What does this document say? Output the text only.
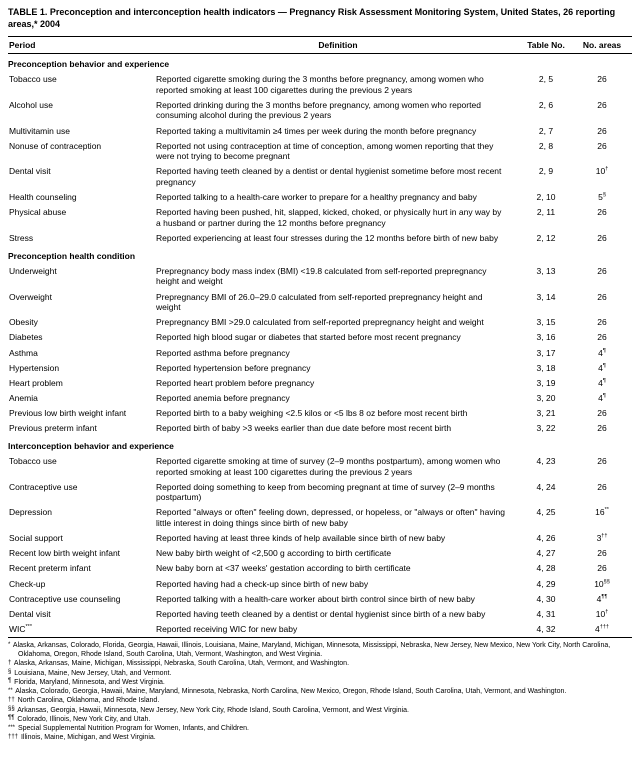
TABLE 1. Preconception and interconception health indicators — Pregnancy Risk Assessment Monitoring System, United States, 26 reporting areas,* 2004
Period	Definition	Table No.	No. areas
Preconception behavior and experience			
Tobacco use	Reported cigarette smoking during the 3 months before pregnancy, among women who reported smoking at least 100 cigarettes during the previous 2 years	2, 5	26
Alcohol use	Reported drinking during the 3 months before pregnancy, among women who reported consuming alcohol during the previous 2 years	2, 6	26
Multivitamin use	Reported taking a multivitamin ≥4 times per week during the month before pregnancy	2, 7	26
Nonuse of contraception	Reported not using contraception at time of conception, among women reporting that they were not trying to become pregnant	2, 8	26
Dental visit	Reported having teeth cleaned by a dentist or dental hygienist sometime before most recent pregnancy	2, 9	10†
Health counseling	Reported talking to a health-care worker to prepare for a healthy pregnancy and baby	2, 10	5§
Physical abuse	Reported having been pushed, hit, slapped, kicked, choked, or physically hurt in any way by a husband or partner during the 12 months before pregnancy	2, 11	26
Stress	Reported experiencing at least four stresses during the 12 months before birth of new baby	2, 12	26
Preconception health condition			
Underweight	Prepregnancy body mass index (BMI) <19.8 calculated from self-reported prepregnancy height and weight	3, 13	26
Overweight	Prepregnancy BMI of 26.0–29.0 calculated from self-reported prepregnancy height and weight	3, 14	26
Obesity	Prepregnancy BMI >29.0 calculated from self-reported prepregnancy height and weight	3, 15	26
Diabetes	Reported high blood sugar or diabetes that started before most recent pregnancy	3, 16	26
Asthma	Reported asthma before pregnancy	3, 17	4¶
Hypertension	Reported hypertension before pregnancy	3, 18	4¶
Heart problem	Reported heart problem before pregnancy	3, 19	4¶
Anemia	Reported anemia before pregnancy	3, 20	4¶
Previous low birth weight infant	Reported birth to a baby weighing <2.5 kilos or <5 lbs 8 oz before most recent birth	3, 21	26
Previous preterm infant	Reported birth of baby >3 weeks earlier than due date before most recent birth	3, 22	26
Interconception behavior and experience			
Tobacco use	Reported cigarette smoking at time of survey (2–9 months postpartum), among women who reported smoking at least 100 cigarettes during the previous 2 years	4, 23	26
Contraceptive use	Reported doing something to keep from becoming pregnant at time of survey (2–9 months postpartum)	4, 24	26
Depression	Reported "always or often" feeling down, depressed, or hopeless, or "always or often" having little interest in doing things since birth of new baby	4, 25	16**
Social support	Reported having at least three kinds of help available since birth of new baby	4, 26	3††
Recent low birth weight infant	New baby birth weight of <2,500 g according to birth certificate	4, 27	26
Recent preterm infant	New baby born at <37 weeks' gestation according to birth certificate	4, 28	26
Check-up	Reported having had a check-up since birth of new baby	4, 29	10§§
Contraceptive use counseling	Reported talking with a health-care worker about birth control since birth of new baby	4, 30	4¶¶
Dental visit	Reported having teeth cleaned by a dentist or dental hygienist since birth of a new baby	4, 31	10†
WIC***	Reported receiving WIC for new baby	4, 32	4†††
* Alaska, Arkansas, Colorado, Florida, Georgia, Hawaii, Illinois, Louisiana, Maine, Maryland, Michigan, Minnesota, Mississippi, Nebraska, New Jersey, New Mexico, New York City, North Carolina, Oklahoma, Oregon, Rhode Island, South Carolina, Utah, Vermont, Washington, and West Virginia.
† Alaska, Arkansas, Maine, Michigan, Mississippi, Nebraska, South Carolina, Utah, Vermont, and Washington.
§ Louisiana, Maine, New Jersey, Utah, and Vermont.
¶ Florida, Maryland, Minnesota, and West Virginia.
** Alaska, Colorado, Georgia, Hawaii, Maine, Maryland, Minnesota, Nebraska, North Carolina, New Mexico, Oregon, Rhode Island, South Carolina, Utah, Vermont, and Washington.
†† North Carolina, Oklahoma, and Rhode Island.
§§ Arkansas, Georgia, Hawaii, Minnesota, New Jersey, New York City, Rhode Island, South Carolina, Vermont, and West Virginia.
¶¶ Colorado, Illinois, New York City, and Utah.
*** Special Supplemental Nutrition Program for Women, Infants, and Children.
††† Illinois, Maine, Michigan, and West Virginia.
